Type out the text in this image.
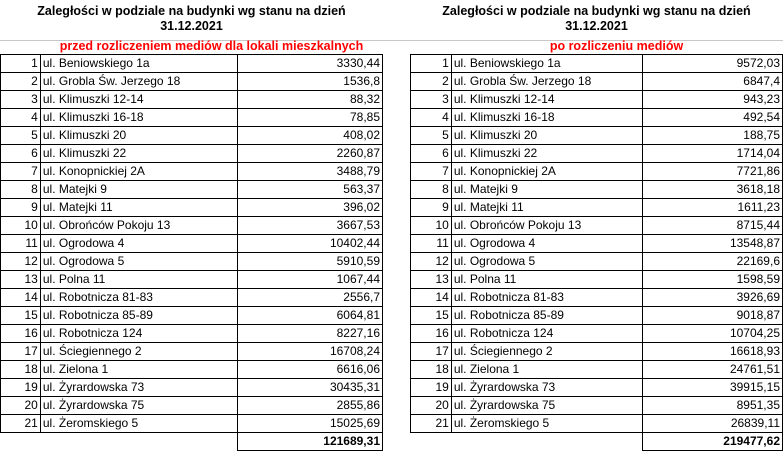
Zaległości w podziale na budynki wg stanu na dzień
31.12.2021
przed rozliczeniem mediów dla lokali mieszkalnych
1	ul. Beniowskiego 1a	3330,44
2	ul. Grobla Św. Jerzego 18	1536,8
3	ul. Klimuszki 12-14	88,32
4	ul. Klimuszki 16-18	78,85
5	ul. Klimuszki 20	408,02
6	ul. Klimuszki 22	2260,87
7	ul. Konopnickiej 2A	3488,79
8	ul. Matejki 9	563,37
9	ul. Matejki 11	396,02
10	ul. Obrońców Pokoju 13	3667,53
11	ul. Ogrodowa 4	10402,44
12	ul. Ogrodowa 5	5910,59
13	ul. Polna 11	1067,44
14	ul. Robotnicza 81-83	2556,7
15	ul. Robotnicza 85-89	6064,81
16	ul. Robotnicza 124	8227,16
17	ul. Ściegiennego 2	16708,24
18	ul. Zielona 1	6616,06
19	ul. Żyrardowska 73	30435,31
20	ul. Żyrardowska 75	2855,86
21	ul. Żeromskiego 5	15025,69
		121689,31
Zaległości w podziale na budynki wg stanu na dzień
31.12.2021
po rozliczeniu mediów
1	ul. Beniowskiego 1a	9572,03
2	ul. Grobla Św. Jerzego 18	6847,4
3	ul. Klimuszki 12-14	943,23
4	ul. Klimuszki 16-18	492,54
5	ul. Klimuszki 20	188,75
6	ul. Klimuszki 22	1714,04
7	ul. Konopnickiej 2A	7721,86
8	ul. Matejki 9	3618,18
9	ul. Matejki 11	1611,23
10	ul. Obrońców Pokoju 13	8715,44
11	ul. Ogrodowa 4	13548,87
12	ul. Ogrodowa 5	22169,6
13	ul. Polna 11	1598,59
14	ul. Robotnicza 81-83	3926,69
15	ul. Robotnicza 85-89	9018,87
16	ul. Robotnicza 124	10704,25
17	ul. Ściegiennego 2	16618,93
18	ul. Zielona 1	24761,51
19	ul. Żyrardowska 73	39915,15
20	ul. Żyrardowska 75	8951,35
21	ul. Żeromskiego 5	26839,11
		219477,62
